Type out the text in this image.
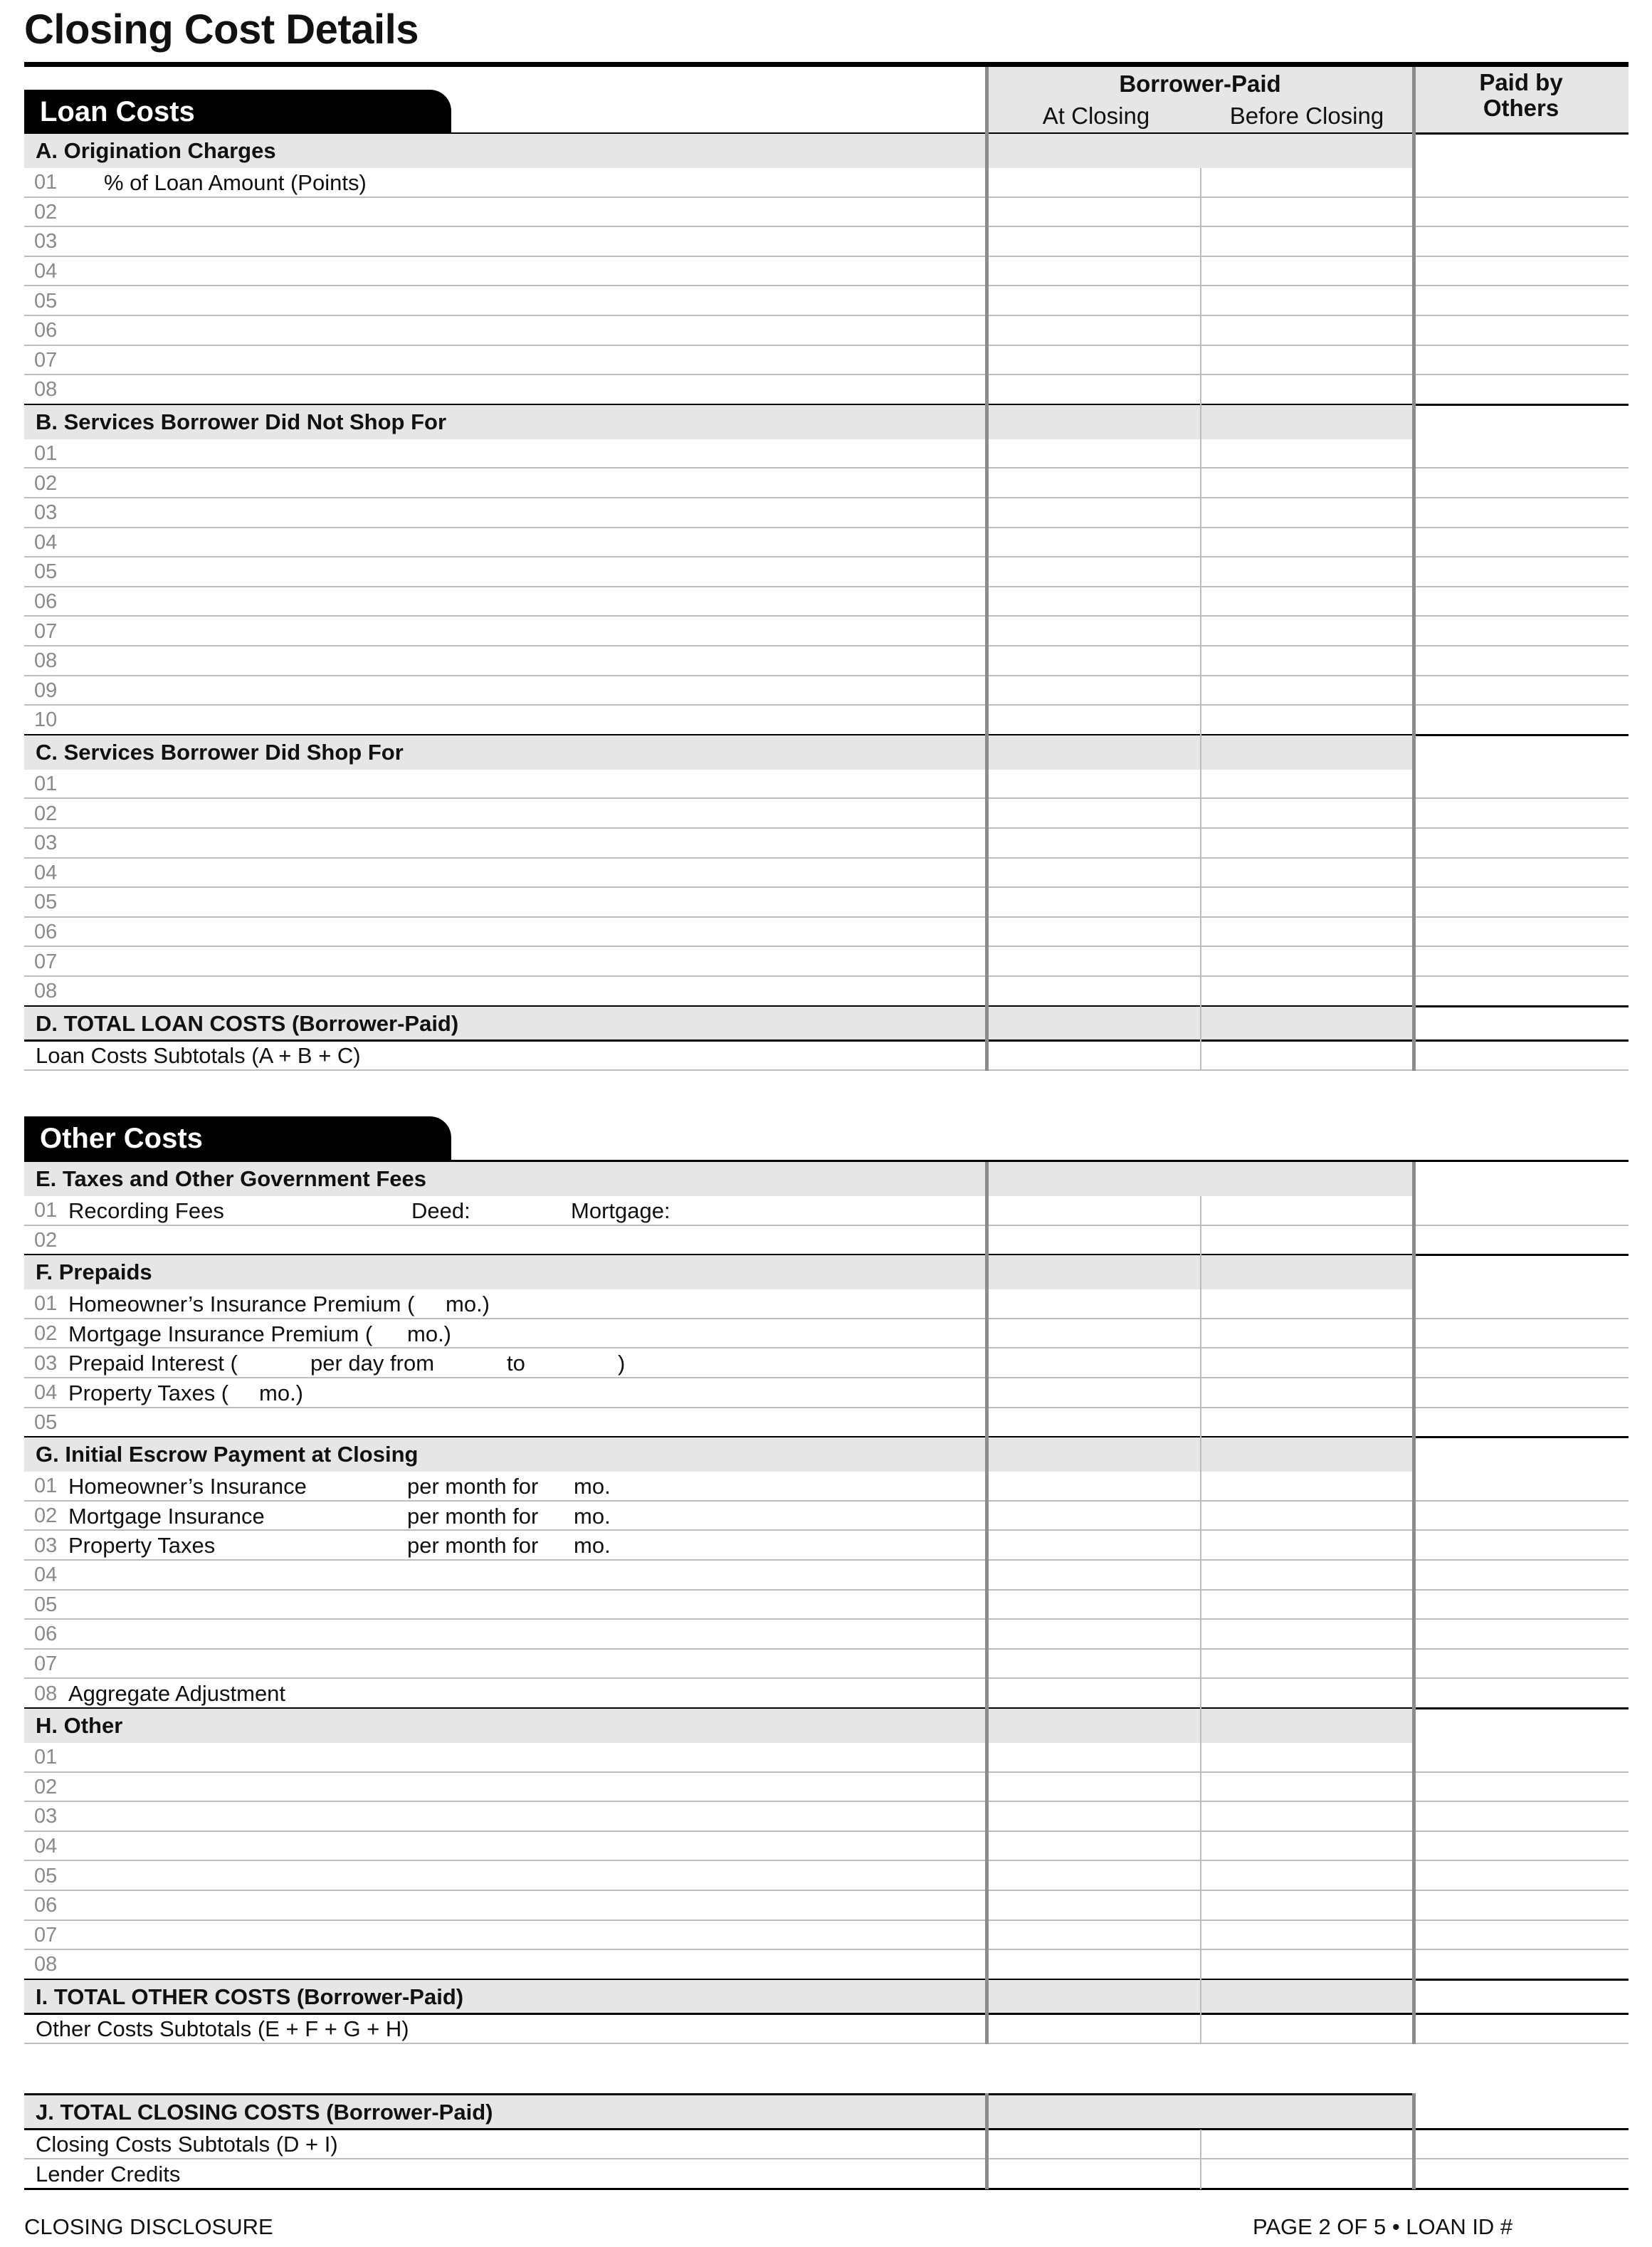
Closing Cost Details
Borrower-Paid
At Closing	Before Closing
Paid by
Others
Loan Costs
A. Origination Charges
01 % of Loan Amount (Points)
02
03
04
05
06
07
08
B. Services Borrower Did Not Shop For
01
02
03
04
05
06
07
08
09
10
C. Services Borrower Did Shop For
01
02
03
04
05
06
07
08
D. TOTAL LOAN COSTS (Borrower-Paid)
Loan Costs Subtotals (A + B + C)
Other Costs
E. Taxes and Other Government Fees
01 Recording Fees	Deed:	Mortgage:
02
F. Prepaids
01 Homeowner’s Insurance Premium ( mo.)
02 Mortgage Insurance Premium ( mo.)
03 Prepaid Interest (	per day from	to	)
04 Property Taxes ( mo.)
05
G. Initial Escrow Payment at Closing
01 Homeowner’s Insurance	per month for mo.
02 Mortgage Insurance	per month for mo.
03 Property Taxes	per month for mo.
04
05
06
07
08 Aggregate Adjustment
H. Other
01
02
03
04
05
06
07
08
I. TOTAL OTHER COSTS (Borrower-Paid)
Other Costs Subtotals (E + F + G + H)
J. TOTAL CLOSING COSTS (Borrower-Paid)
Closing Costs Subtotals (D + I)
Lender Credits
CLOSING DISCLOSURE	PAGE 2 OF 5 • LOAN ID #
